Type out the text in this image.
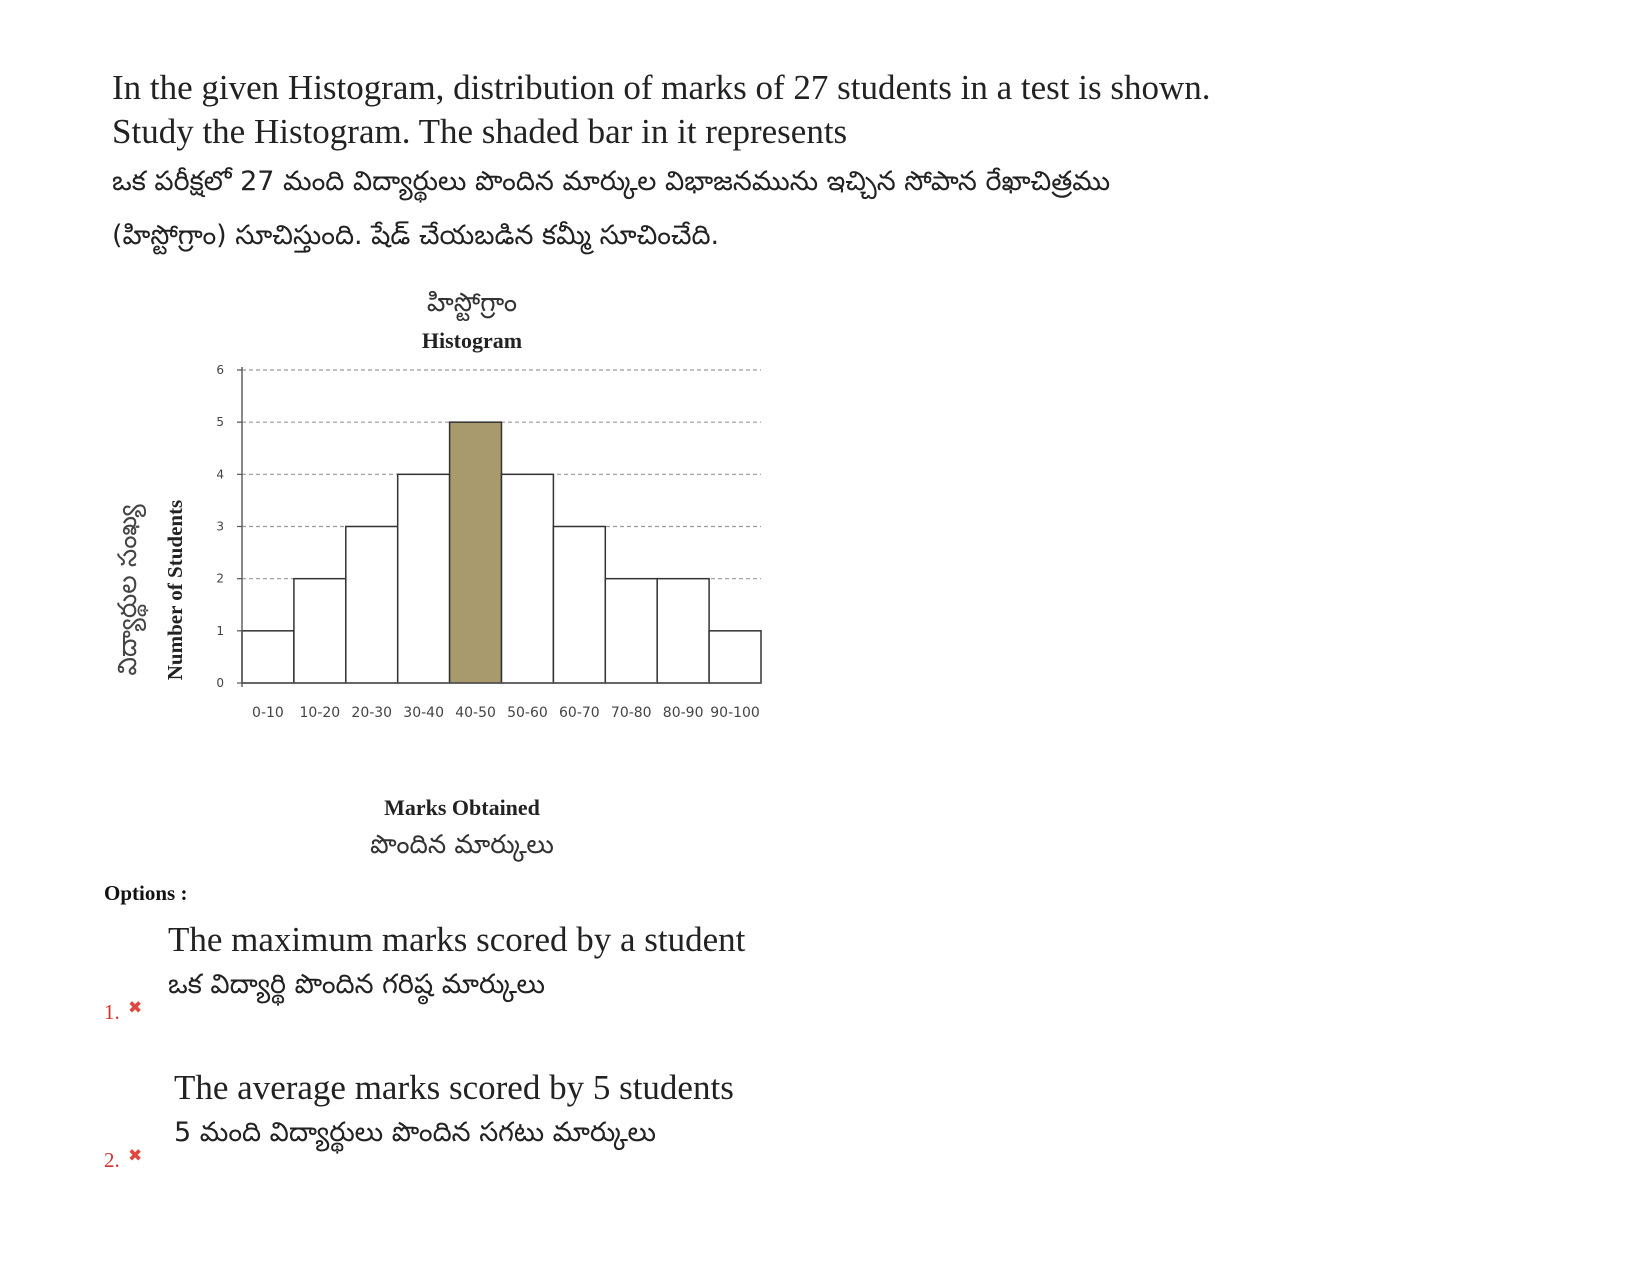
In the given Histogram, distribution of marks of 27 students in a test is shown.
Study the Histogram. The shaded bar in it represents
ఒక పరీక్షలో 27 మంది విద్యార్థులు పొందిన మార్కుల విభాజనమును ఇచ్చిన సోపాన రేఖాచిత్రము
(హిస్టోగ్రాం) సూచిస్తుంది. షేడ్ చేయబడిన కమ్మీ సూచించేది.
హిస్టోగ్రాం
Histogram
0
1
2
3
4
5
6
0-10 10-20 20-30 30-40 40-50 50-60 60-70 70-80 80-90 90-100
విద్యార్థుల సంఖ్య Number of Students
Marks Obtained
పొందిన మార్కులు
Options :
1. ✖
The maximum marks scored by a student
ఒక విద్యార్థి పొందిన గరిష్ఠ మార్కులు
2. ✖
The average marks scored by 5 students
5 మంది విద్యార్థులు పొందిన సగటు మార్కులు
